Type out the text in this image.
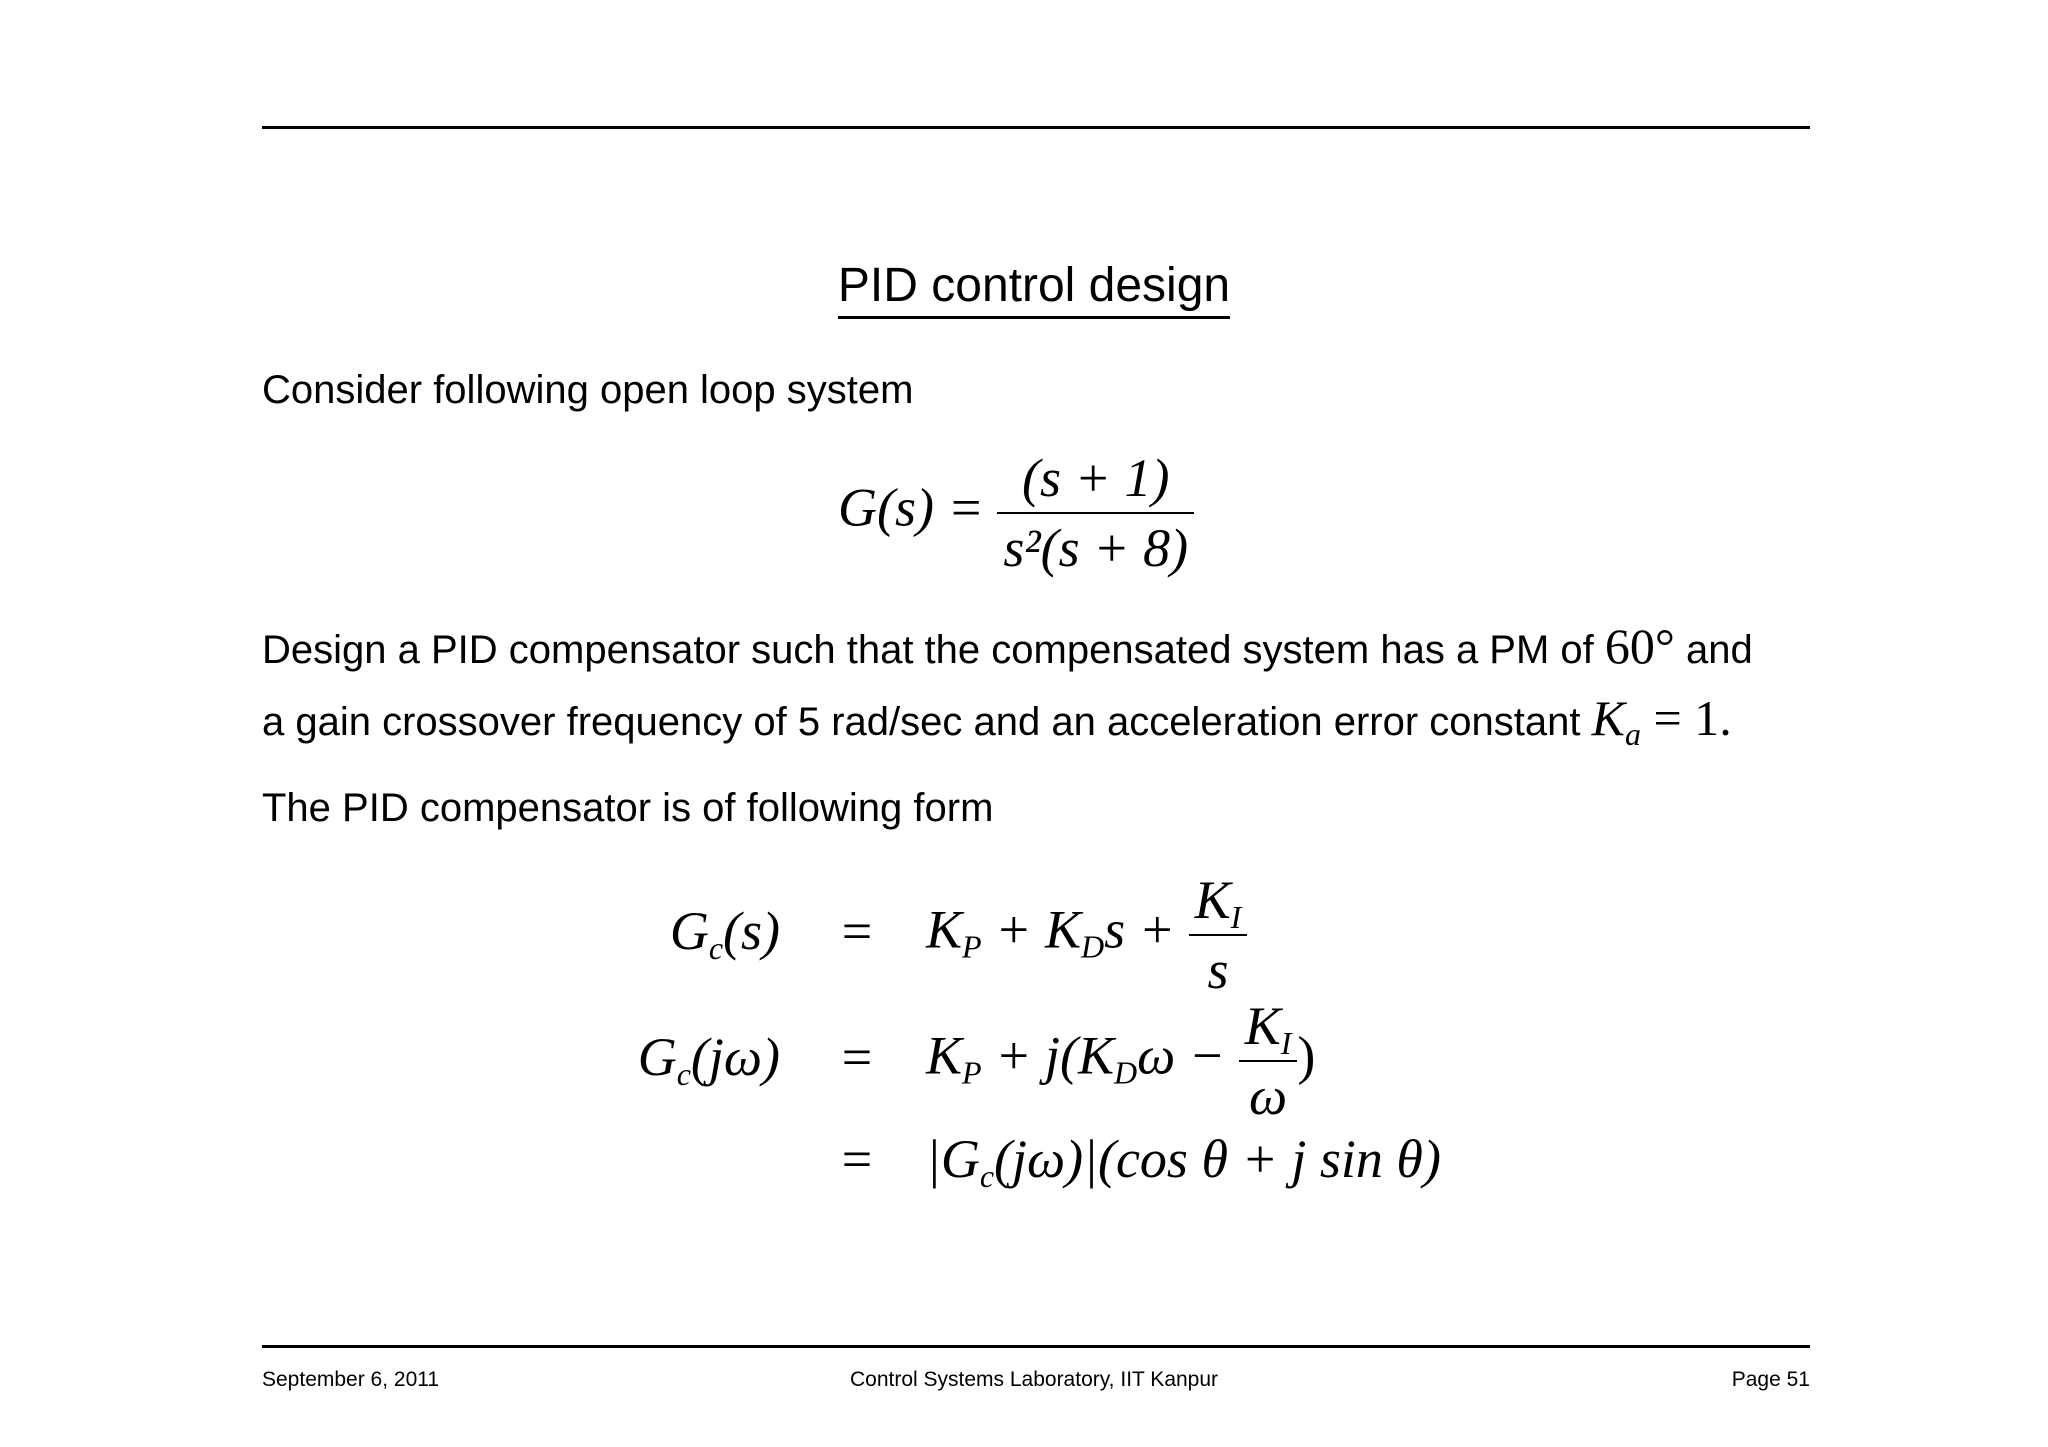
PID control design
Consider following open loop system
$G(s) = \frac{(s + 1)}{\text{s²(s + 8)}}$
Design a PID compensator such that the compensated system has a PM of 60° and
a gain crossover frequency of 5 rad/sec and an acceleration error constant $K_a = 1$.
The PID compensator is of following form
$G_c(s) = K_P + K_Ds + \frac{K_I}{s}$
$G_c(j\omega) = K_P + j(K_D\omega - \frac{K_I}{\omega}$ )
= $|G_c(j\omega)|(\cos$ θ + j sin θ)
September 6, 2011	Control Systems Laboratory, IIT Kanpur	Page 51
